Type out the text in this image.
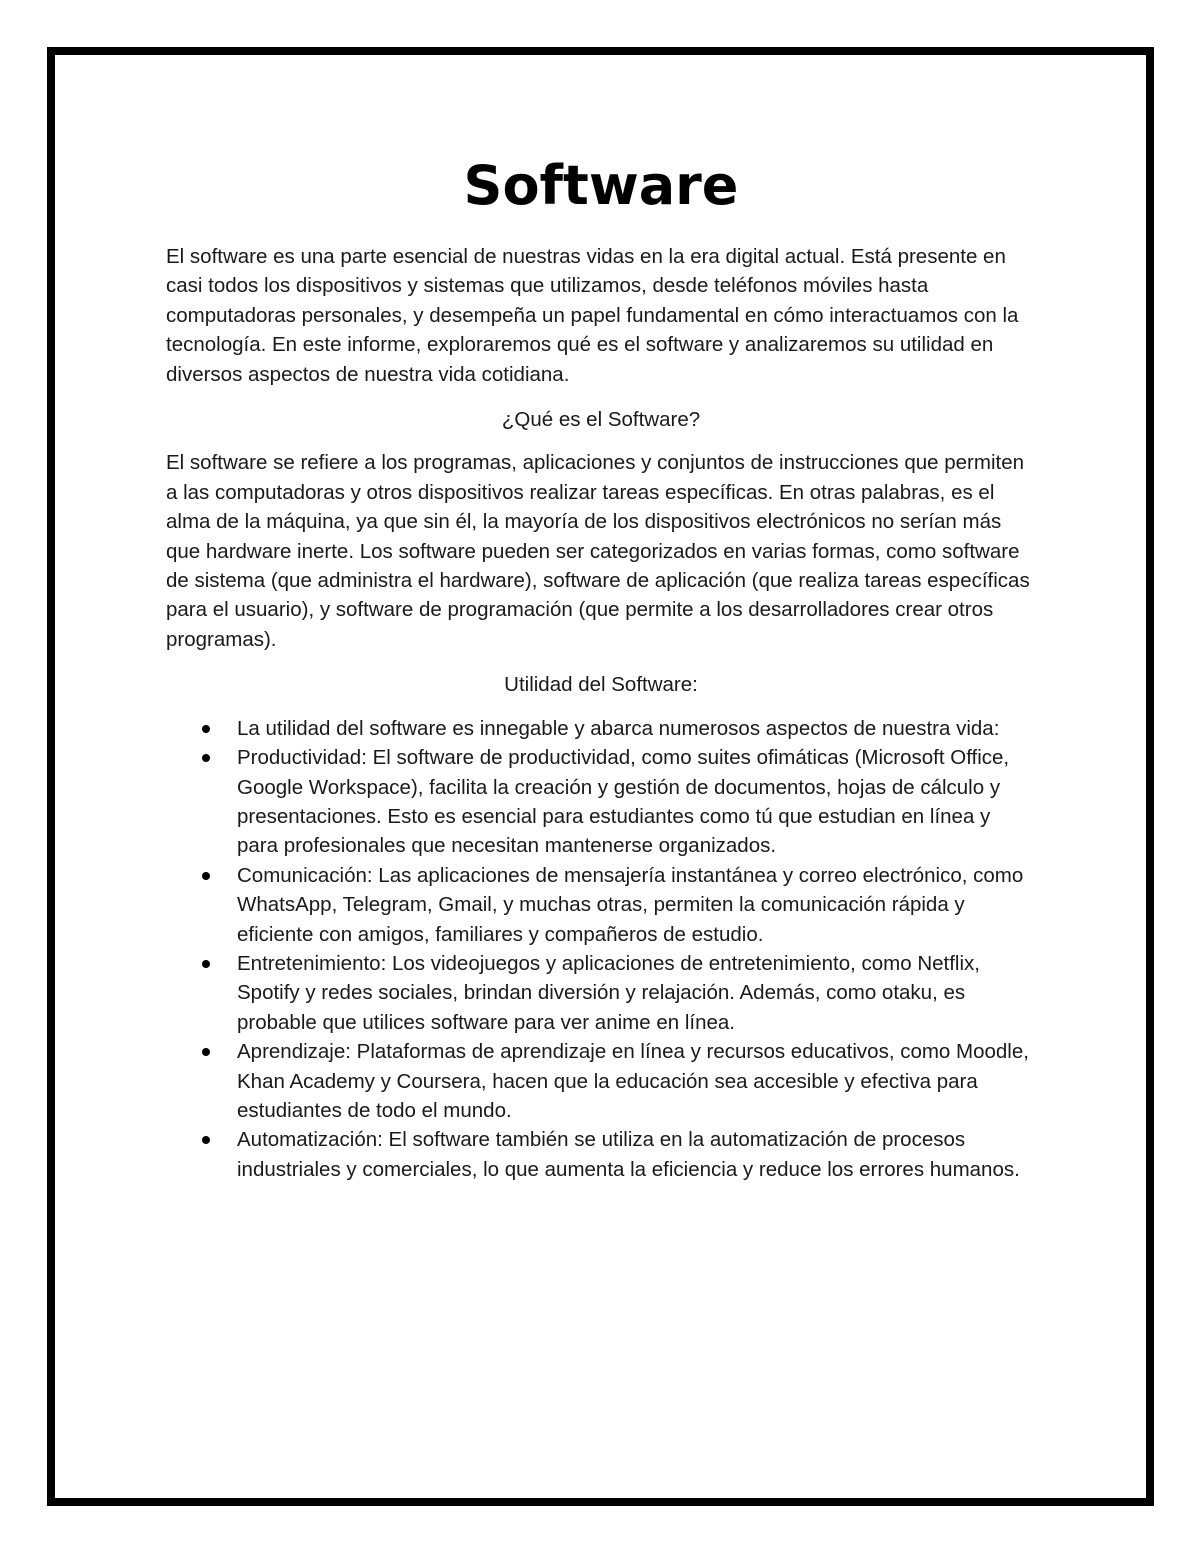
Software

El software es una parte esencial de nuestras vidas en la era digital actual. Está presente en casi todos los dispositivos y sistemas que utilizamos, desde teléfonos móviles hasta computadoras personales, y desempeña un papel fundamental en cómo interactuamos con la tecnología. En este informe, exploraremos qué es el software y analizaremos su utilidad en diversos aspectos de nuestra vida cotidiana.

¿Qué es el Software?

El software se refiere a los programas, aplicaciones y conjuntos de instrucciones que permiten a las computadoras y otros dispositivos realizar tareas específicas. En otras palabras, es el alma de la máquina, ya que sin él, la mayoría de los dispositivos electrónicos no serían más que hardware inerte. Los software pueden ser categorizados en varias formas, como software de sistema (que administra el hardware), software de aplicación (que realiza tareas específicas para el usuario), y software de programación (que permite a los desarrolladores crear otros programas).

Utilidad del Software:
La utilidad del software es innegable y abarca numerosos aspectos de nuestra vida:
Productividad: El software de productividad, como suites ofimáticas (Microsoft Office, Google Workspace), facilita la creación y gestión de documentos, hojas de cálculo y presentaciones. Esto es esencial para estudiantes como tú que estudian en línea y para profesionales que necesitan mantenerse organizados.
Comunicación: Las aplicaciones de mensajería instantánea y correo electrónico, como WhatsApp, Telegram, Gmail, y muchas otras, permiten la comunicación rápida y eficiente con amigos, familiares y compañeros de estudio.
Entretenimiento: Los videojuegos y aplicaciones de entretenimiento, como Netflix, Spotify y redes sociales, brindan diversión y relajación. Además, como otaku, es probable que utilices software para ver anime en línea.
Aprendizaje: Plataformas de aprendizaje en línea y recursos educativos, como Moodle, Khan Academy y Coursera, hacen que la educación sea accesible y efectiva para estudiantes de todo el mundo.
Automatización: El software también se utiliza en la automatización de procesos industriales y comerciales, lo que aumenta la eficiencia y reduce los errores humanos.
